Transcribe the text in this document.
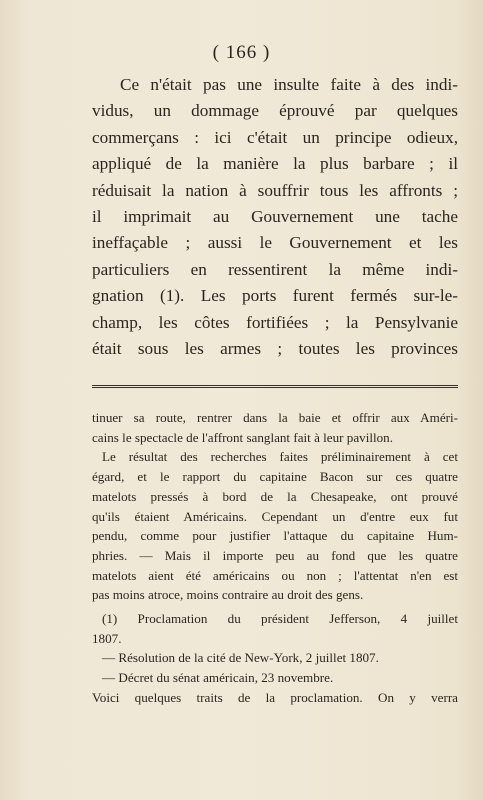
( 166 )
Ce n'était pas une insulte faite à des indi-
vidus, un dommage éprouvé par quelques
commerçans : ici c'était un principe odieux,
appliqué de la manière la plus barbare ; il
réduisait la nation à souffrir tous les affronts ;
il imprimait au Gouvernement une tache
ineffaçable ; aussi le Gouvernement et les
particuliers en ressentirent la même indi-
gnation (1). Les ports furent fermés sur-le-
champ, les côtes fortifiées ; la Pensylvanie
était sous les armes ; toutes les provinces
tinuer sa route, rentrer dans la baie et offrir aux Améri-
cains le spectacle de l'affront sanglant fait à leur pavillon.
Le résultat des recherches faites préliminairement à cet
égard, et le rapport du capitaine Bacon sur ces quatre
matelots pressés à bord de la Chesapeake, ont prouvé
qu'ils étaient Américains. Cependant un d'entre eux fut
pendu, comme pour justifier l'attaque du capitaine Hum-
phries. — Mais il importe peu au fond que les quatre
matelots aient été américains ou non ; l'attentat n'en est
pas moins atroce, moins contraire au droit des gens.
(1) Proclamation du président Jefferson, 4 juillet
1807.
— Résolution de la cité de New-York, 2 juillet 1807.
— Décret du sénat américain, 23 novembre.
Voici quelques traits de la proclamation. On y verra
